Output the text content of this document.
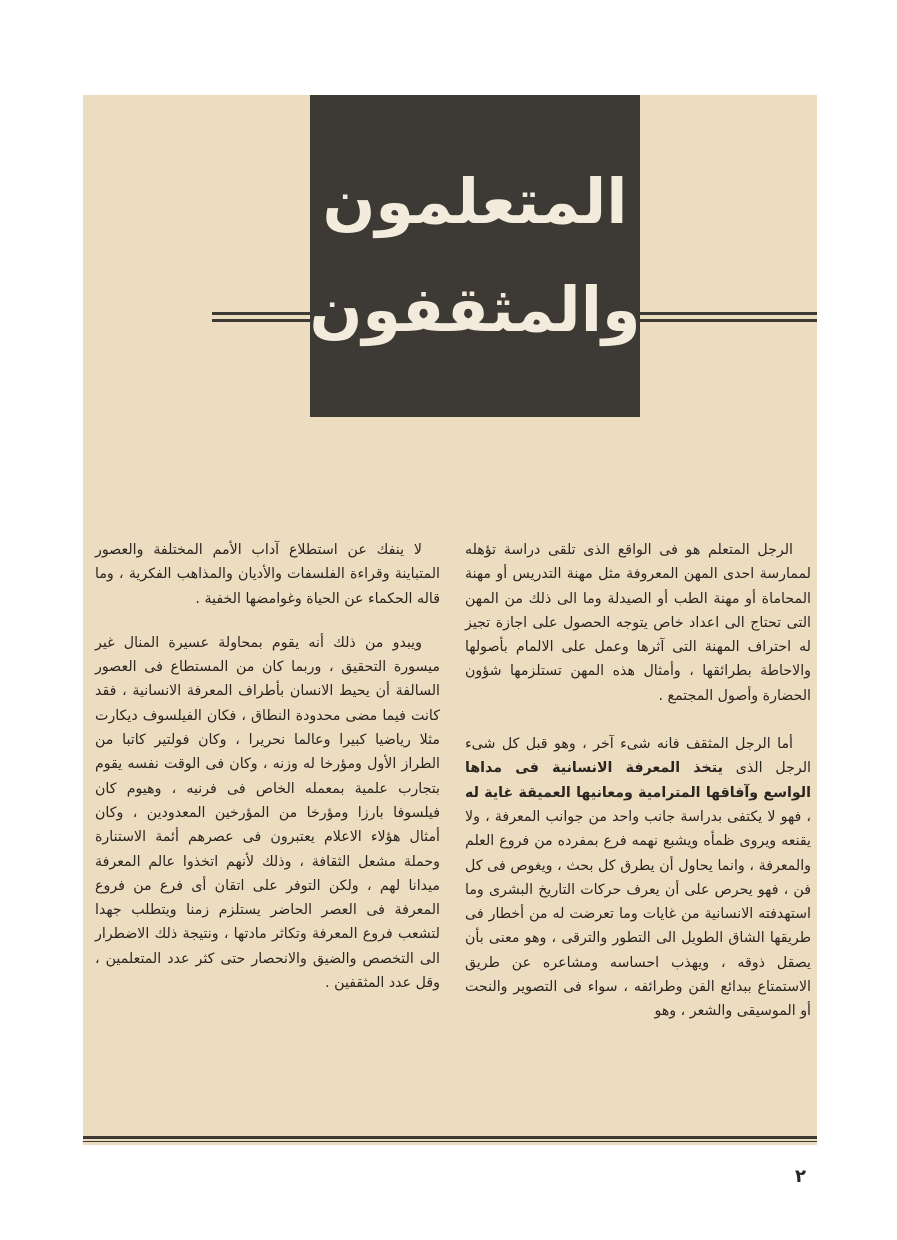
المتعلمون
والمثقفون

الرجل المتعلم هو فى الواقع الذى تلقى دراسة تؤهله لممارسة احدى المهن المعروفة مثل مهنة التدريس أو مهنة المحاماة أو مهنة الطب أو الصيدلة وما الى ذلك من المهن التى تحتاج الى اعداد خاص يتوجه الحصول على اجازة تجيز له احتراف المهنة التى آثرها وعمل على الالمام بأصولها والاحاطة بطرائقها ، وأمثال هذه المهن تستلزمها شؤون الحضارة وأصول المجتمع .

أما الرجل المثقف فانه شىء آخر ، وهو قبل كل شىء الرجل الذى يتخذ المعرفة الانسانية فى مداها الواسع وآفاقها المترامية ومعانيها العميقة غاية له ، فهو لا يكتفى بدراسة جانب واحد من جوانب المعرفة ، ولا يقنعه ويروى ظمأه ويشبع نهمه فرع بمفرده من فروع العلم والمعرفة ، وانما يحاول أن يطرق كل بحث ، ويغوص فى كل فن ، فهو يحرص على أن يعرف حركات التاريخ البشرى وما استهدفته الانسانية من غايات وما تعرضت له من أخطار فى طريقها الشاق الطويل الى التطور والترقى ، وهو معنى بأن يصقل ذوقه ، ويهذب احساسه ومشاعره عن طريق الاستمتاع ببدائع الفن وطرائفه ، سواء فى التصوير والنحت أو الموسيقى والشعر ، وهو

لا ينفك عن استطلاع آداب الأمم المختلفة والعصور المتباينة وقراءة الفلسفات والأديان والمذاهب الفكرية ، وما قاله الحكماء عن الحياة وغوامضها الخفية .

ويبدو من ذلك أنه يقوم بمحاولة عسيرة المنال غير ميسورة التحقيق ، وربما كان من المستطاع فى العصور السالفة أن يحيط الانسان بأطراف المعرفة الانسانية ، فقد كانت فيما مضى محدودة النطاق ، فكان الفيلسوف ديكارت مثلا رياضيا كبيرا وعالما نحريرا ، وكان فولتير كاتبا من الطراز الأول ومؤرخا له وزنه ، وكان فى الوقت نفسه يقوم بتجارب علمية بمعمله الخاص فى فرنيه ، وهيوم كان فيلسوفا بارزا ومؤرخا من المؤرخين المعدودين ، وكان أمثال هؤلاء الاعلام يعتبرون فى عصرهم أئمة الاستنارة وحملة مشعل الثقافة ، وذلك لأنهم اتخذوا عالم المعرفة ميدانا لهم ، ولكن التوفر على اتقان أى فرع من فروع المعرفة فى العصر الحاضر يستلزم زمنا ويتطلب جهدا لتشعب فروع المعرفة وتكاثر مادتها ، ونتيجة ذلك الاضطرار الى التخصص والضيق والانحصار حتى كثر عدد المتعلمين ، وقل عدد المثقفين .

٢
